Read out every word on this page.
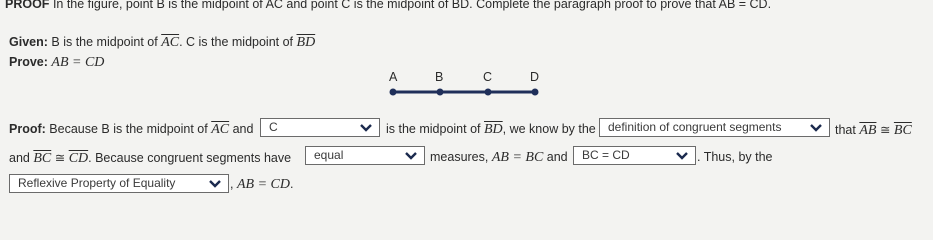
PROOF In the figure, point B is the midpoint of AC and point C is the midpoint of BD. Complete the paragraph proof to prove that AB = CD.
Given: B is the midpoint of $\overline{AC}$. C is the midpoint of $\overline{BD}$
Prove: AB = CD
A	B	C	D
Proof: Because B is the midpoint of $\overline{AC}$ and	C	is the midpoint of $\overline{BD}$, we know by the	definition of congruent segments	that $\overline{AB}$ ≅ $\overline{BC}$
and $\overline{BC}$ ≅ $\overline{CD}$. Because congruent segments have	equal	measures, AB = BC and	BC = CD	. Thus, by the
Reflexive Property of Equality	, AB = CD.
